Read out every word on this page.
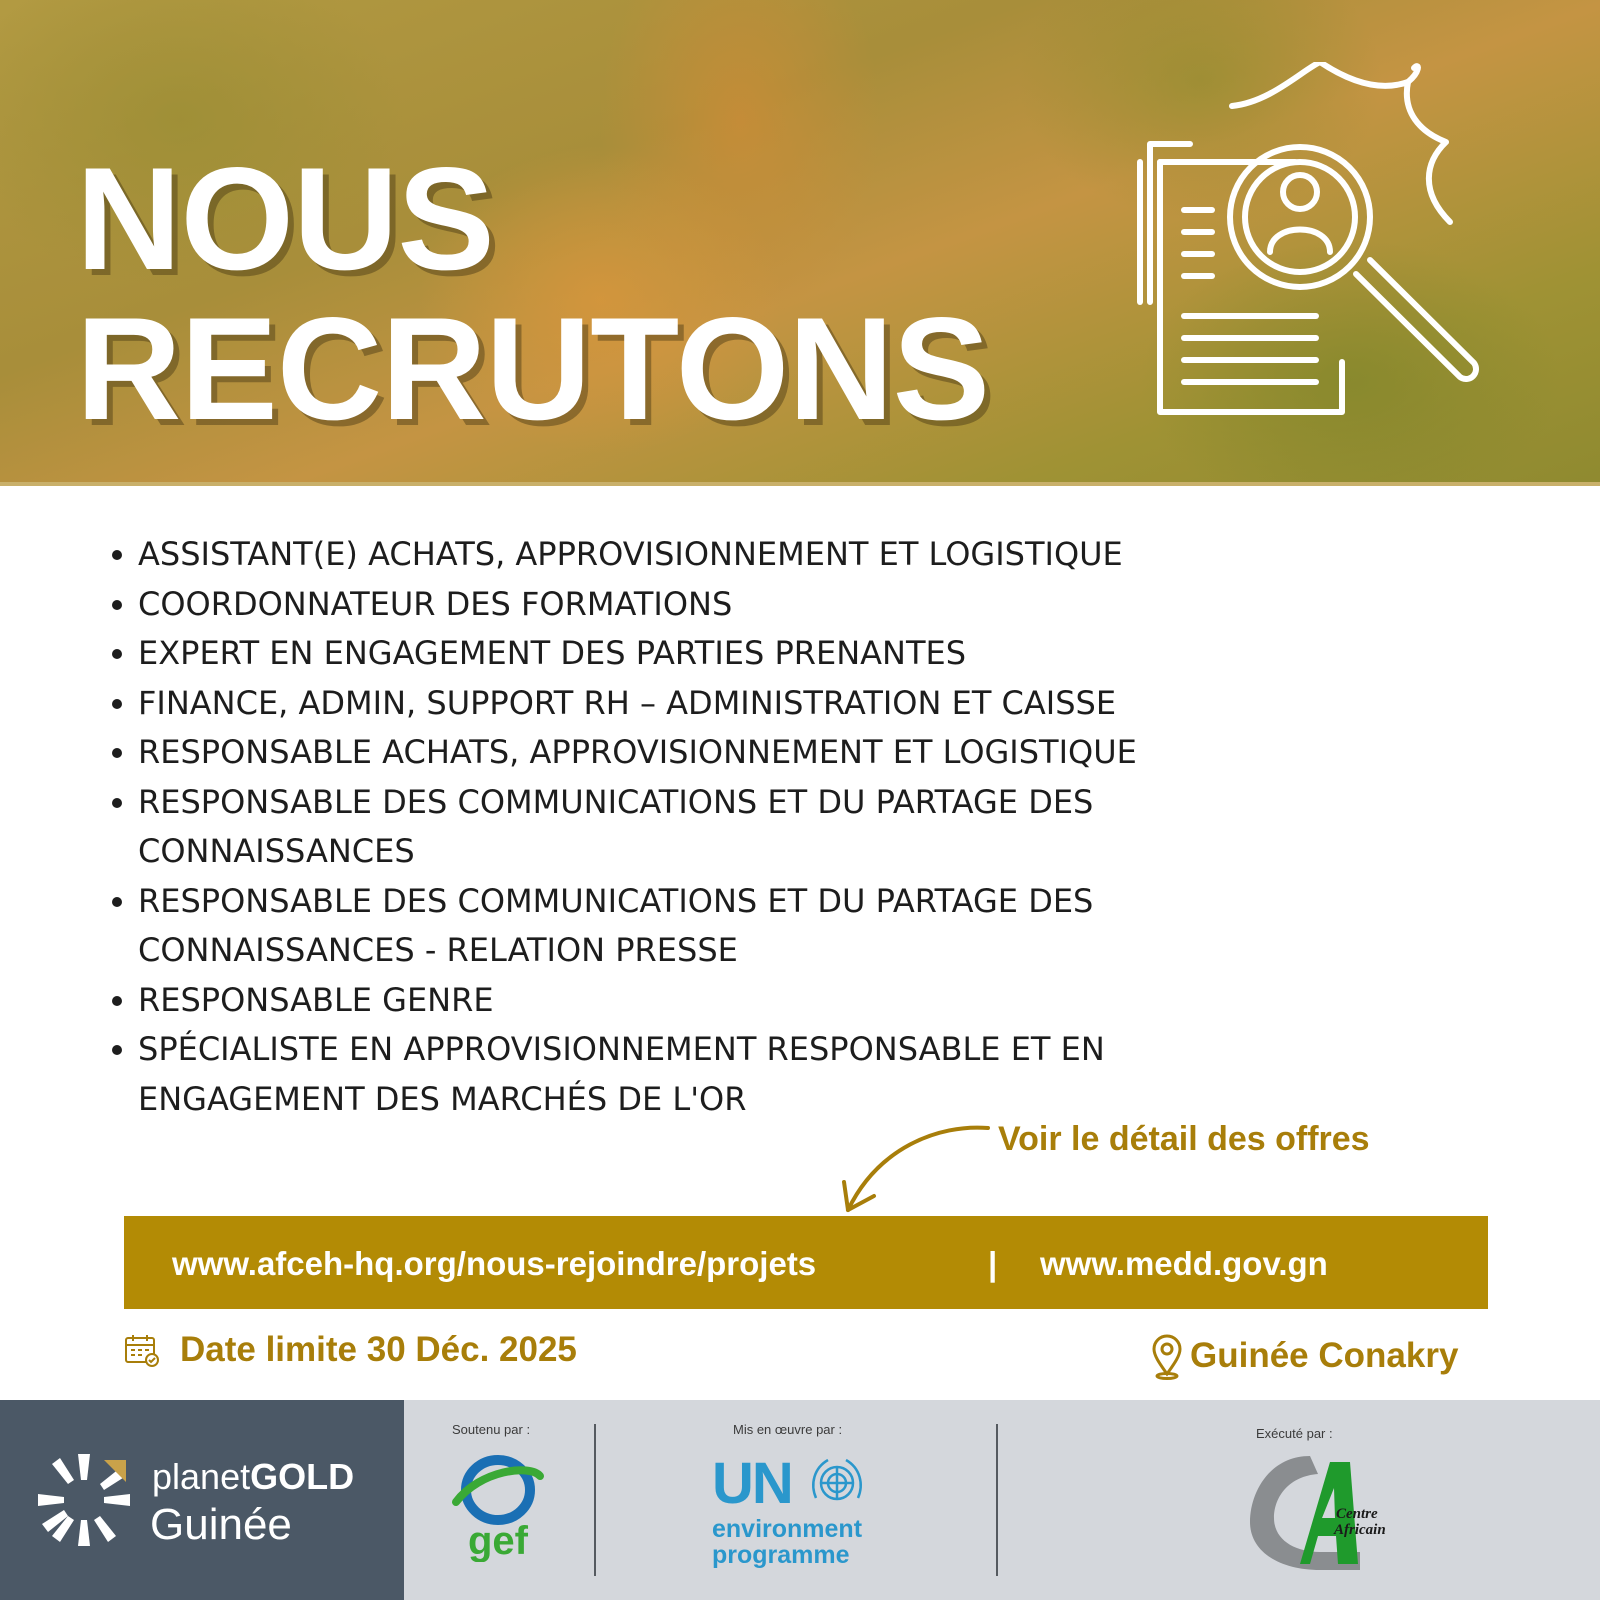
NOUS
RECRUTONS
ASSISTANT(E) ACHATS, APPROVISIONNEMENT ET LOGISTIQUE
COORDONNATEUR DES FORMATIONS
EXPERT EN ENGAGEMENT DES PARTIES PRENANTES
FINANCE, ADMIN, SUPPORT RH – ADMINISTRATION ET CAISSE
RESPONSABLE ACHATS, APPROVISIONNEMENT ET LOGISTIQUE
RESPONSABLE DES COMMUNICATIONS ET DU PARTAGE DES CONNAISSANCES
RESPONSABLE DES COMMUNICATIONS ET DU PARTAGE DES CONNAISSANCES - RELATION PRESSE
RESPONSABLE GENRE
SPÉCIALISTE EN APPROVISIONNEMENT RESPONSABLE ET EN ENGAGEMENT DES MARCHÉS DE L'OR

Voir le détail des offres

www.afceh-hq.org/nous-rejoindre/projets	| www.medd.gov.gn

Date limite 30 Déc. 2025	Guinée Conakry

planetGOLD

Guinée

Soutenu par :

gef

Mis en œuvre par :

UN

environment
programme

Exécuté par :

Centre
Africain
